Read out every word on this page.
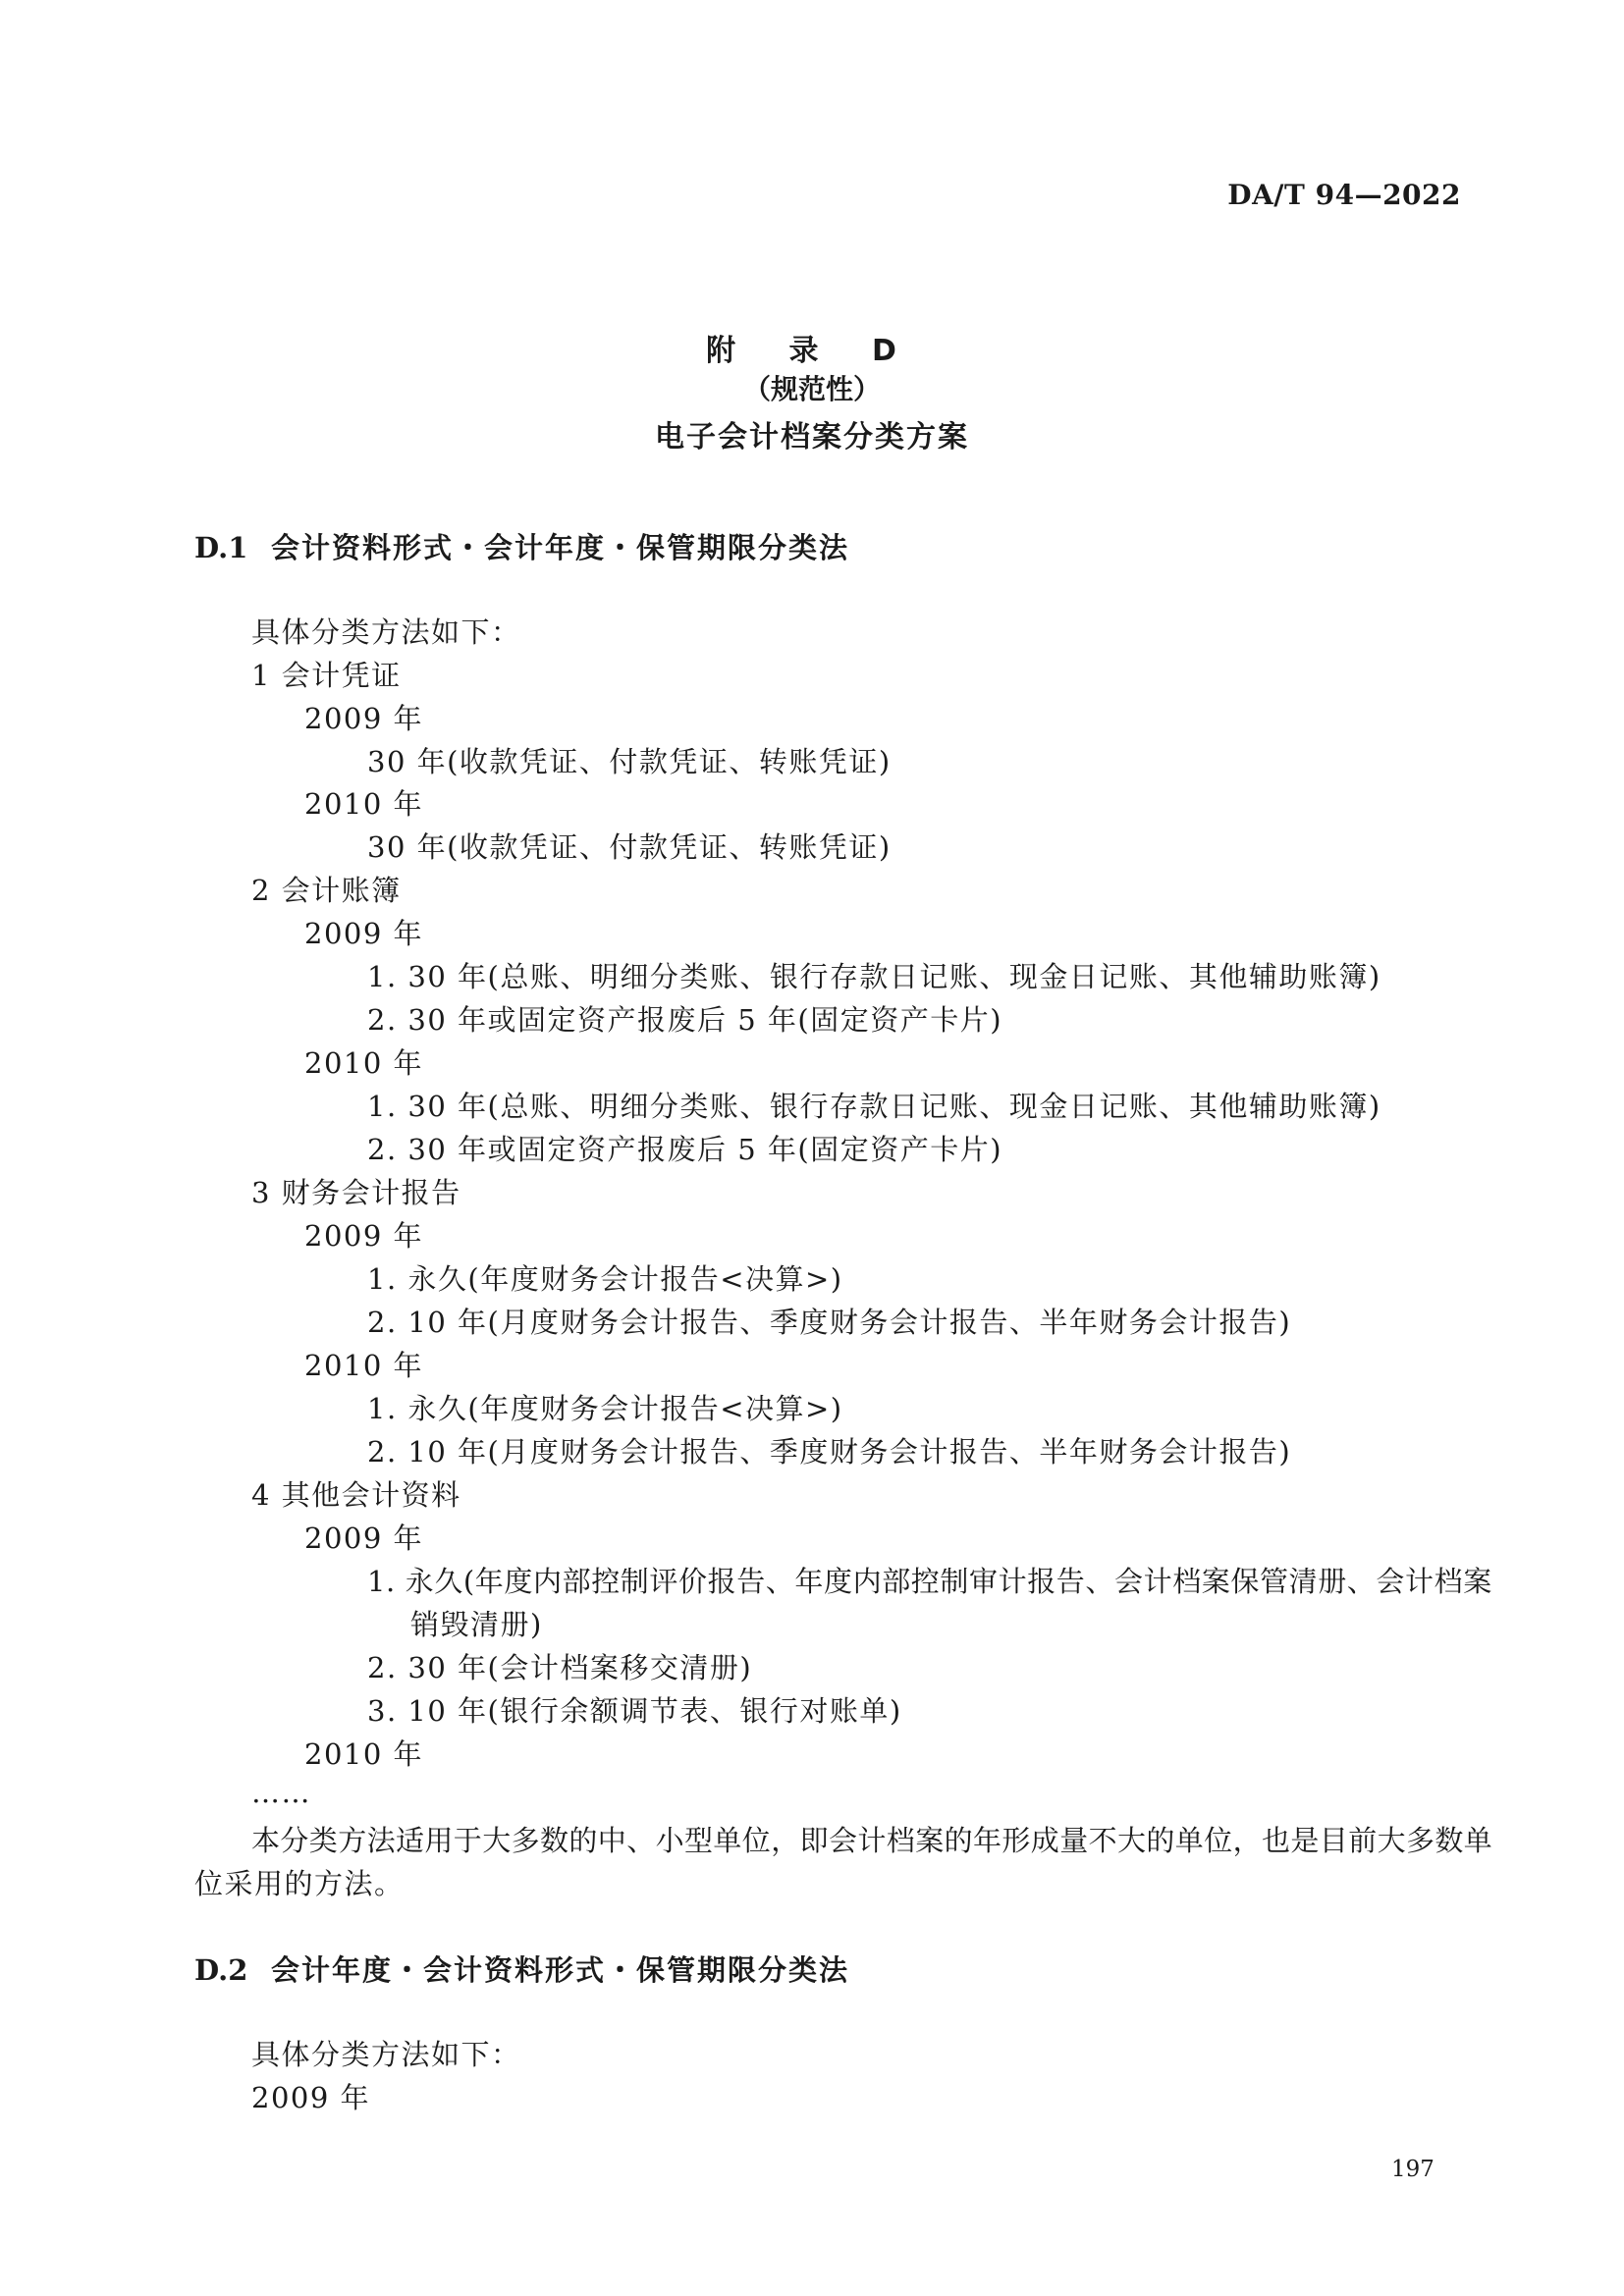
DA/T 94—2022
附 录 D
（规范性）
电子会计档案分类方案
D.1 会计资料形式・会计年度・保管期限分类法
具体分类方法如下：
1 会计凭证
2009 年
30 年(收款凭证、付款凭证、转账凭证)
2010 年
30 年(收款凭证、付款凭证、转账凭证)
2 会计账簿
2009 年
1. 30 年(总账、明细分类账、银行存款日记账、现金日记账、其他辅助账簿)
2. 30 年或固定资产报废后 5 年(固定资产卡片)
2010 年
1. 30 年(总账、明细分类账、银行存款日记账、现金日记账、其他辅助账簿)
2. 30 年或固定资产报废后 5 年(固定资产卡片)
3 财务会计报告
2009 年
1. 永久(年度财务会计报告<决算>)
2. 10 年(月度财务会计报告、季度财务会计报告、半年财务会计报告)
2010 年
1. 永久(年度财务会计报告<决算>)
2. 10 年(月度财务会计报告、季度财务会计报告、半年财务会计报告)
4 其他会计资料
2009 年
1. 永久(年度内部控制评价报告、年度内部控制审计报告、会计档案保管清册、会计档案
销毁清册)
2. 30 年(会计档案移交清册)
3. 10 年(银行余额调节表、银行对账单)
2010 年
……
本分类方法适用于大多数的中、小型单位，即会计档案的年形成量不大的单位，也是目前大多数单
位采用的方法。
D.2 会计年度・会计资料形式・保管期限分类法
具体分类方法如下：
2009 年
197
